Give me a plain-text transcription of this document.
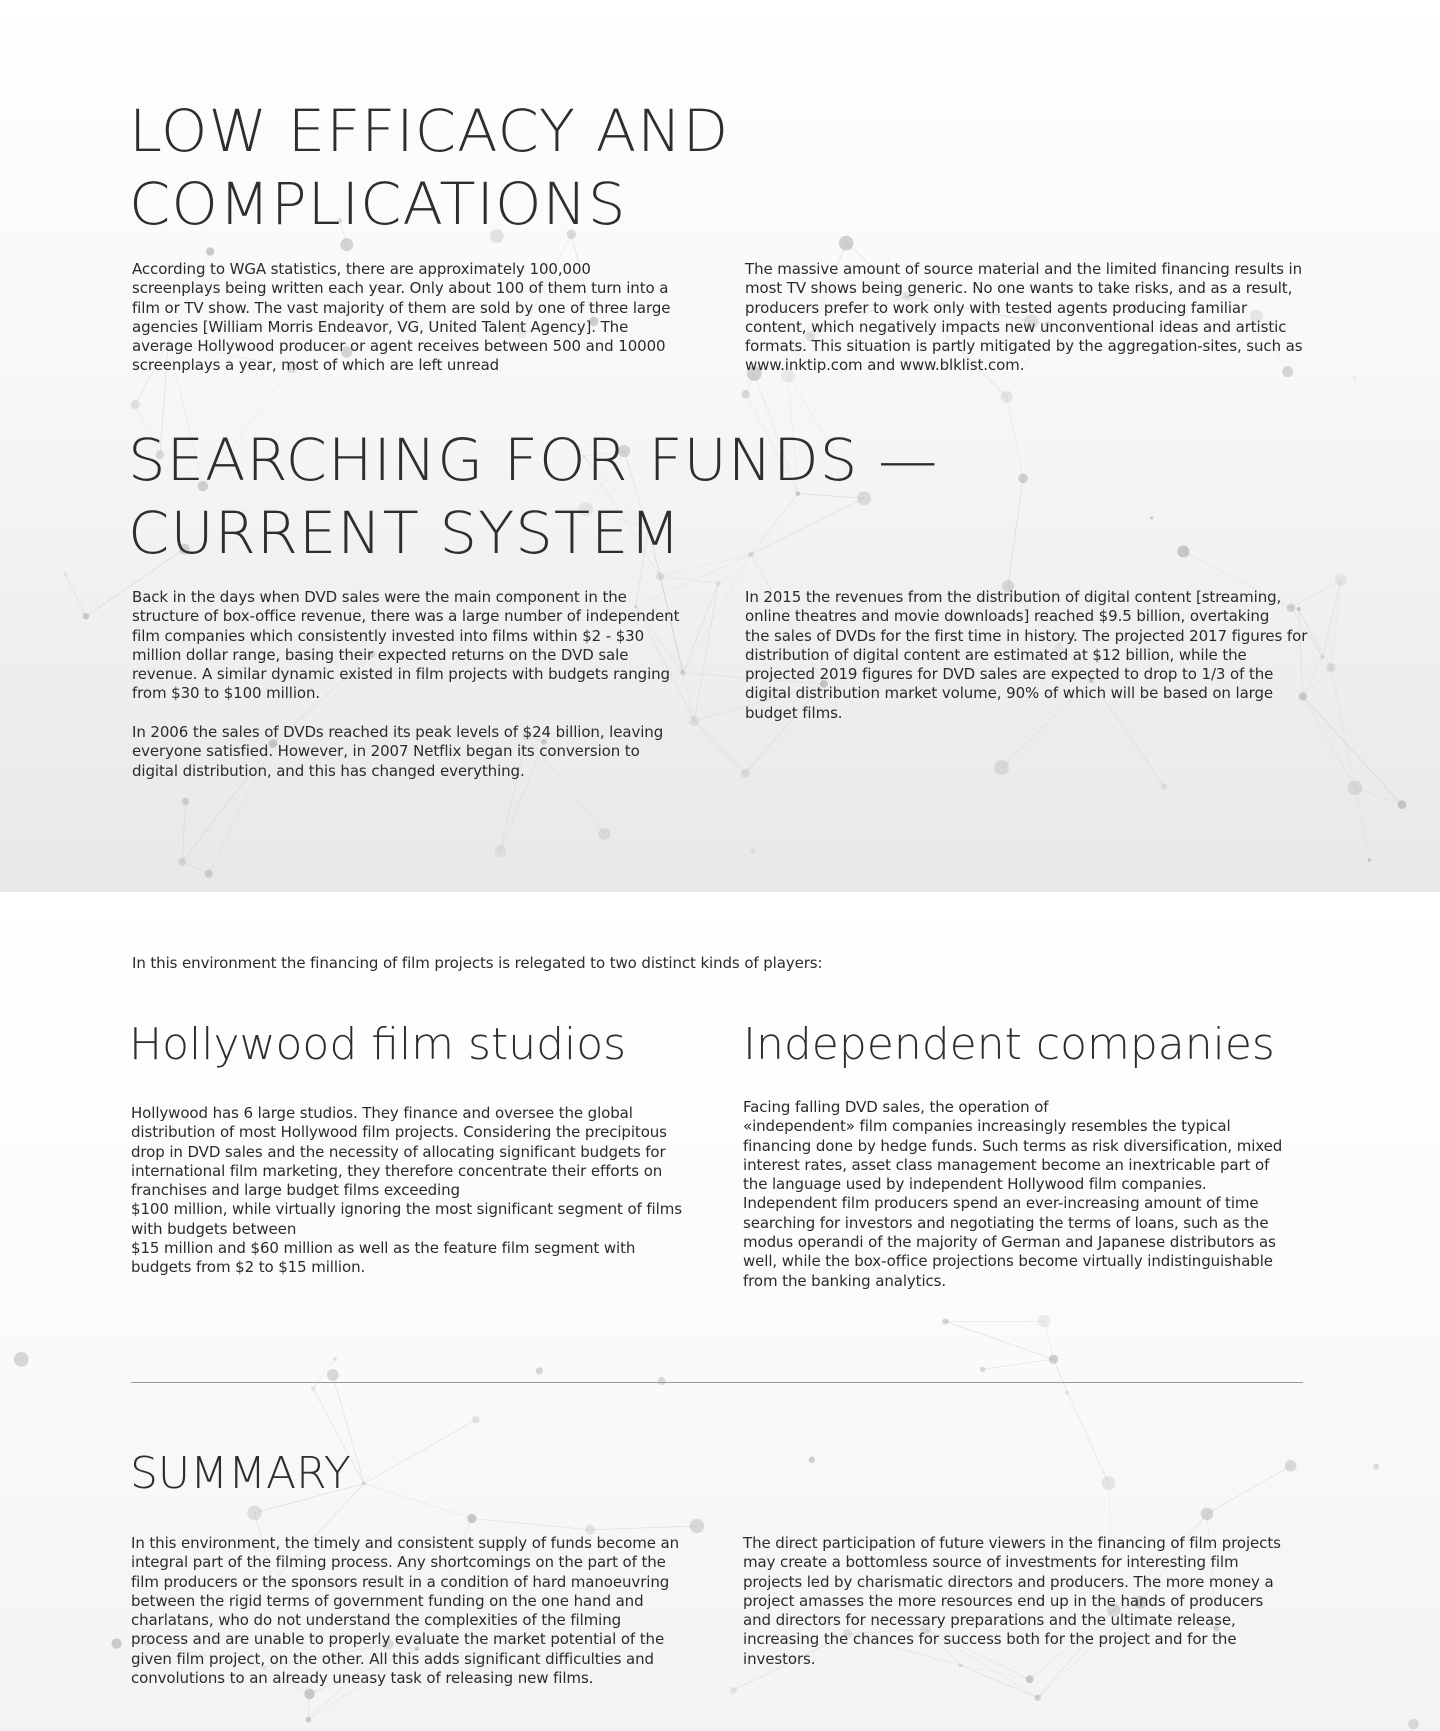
LOW EFFICACY AND
COMPLICATIONS

According to WGA statistics, there are approximately 100,000
screenplays being written each year. Only about 100 of them turn into a
film or TV show. The vast majority of them are sold by one of three large
agencies [William Morris Endeavor, VG, United Talent Agency]. The
average Hollywood producer or agent receives between 500 and 10000
screenplays a year, most of which are left unread

The massive amount of source material and the limited financing results in
most TV shows being generic. No one wants to take risks, and as a result,
producers prefer to work only with tested agents producing familiar
content, which negatively impacts new unconventional ideas and artistic
formats. This situation is partly mitigated by the aggregation-sites, such as
www.inktip.com and www.blklist.com.

SEARCHING FOR FUNDS —
CURRENT SYSTEM

Back in the days when DVD sales were the main component in the
structure of box-office revenue, there was a large number of independent
film companies which consistently invested into films within $2 - $30
million dollar range, basing their expected returns on the DVD sale
revenue. A similar dynamic existed in film projects with budgets ranging
from $30 to $100 million.

In 2006 the sales of DVDs reached its peak levels of $24 billion, leaving
everyone satisfied. However, in 2007 Netflix began its conversion to
digital distribution, and this has changed everything.

In 2015 the revenues from the distribution of digital content [streaming,
online theatres and movie downloads] reached $9.5 billion, overtaking
the sales of DVDs for the first time in history. The projected 2017 figures for
distribution of digital content are estimated at $12 billion, while the
projected 2019 figures for DVD sales are expected to drop to 1/3 of the
digital distribution market volume, 90% of which will be based on large
budget films.

In this environment the financing of film projects is relegated to two distinct kinds of players:

Hollywood film studios

Hollywood has 6 large studios. They finance and oversee the global
distribution of most Hollywood film projects. Considering the precipitous
drop in DVD sales and the necessity of allocating significant budgets for
international film marketing, they therefore concentrate their efforts on
franchises and large budget films exceeding
$100 million, while virtually ignoring the most significant segment of films
with budgets between
$15 million and $60 million as well as the feature film segment with
budgets from $2 to $15 million.

Independent companies

Facing falling DVD sales, the operation of
«independent» film companies increasingly resembles the typical
financing done by hedge funds. Such terms as risk diversification, mixed
interest rates, asset class management become an inextricable part of
the language used by independent Hollywood film companies.
Independent film producers spend an ever-increasing amount of time
searching for investors and negotiating the terms of loans, such as the
modus operandi of the majority of German and Japanese distributors as
well, while the box-office projections become virtually indistinguishable
from the banking analytics.

SUMMARY

In this environment, the timely and consistent supply of funds become an
integral part of the filming process. Any shortcomings on the part of the
film producers or the sponsors result in a condition of hard manoeuvring
between the rigid terms of government funding on the one hand and
charlatans, who do not understand the complexities of the filming
process and are unable to properly evaluate the market potential of the
given film project, on the other. All this adds significant difficulties and
convolutions to an already uneasy task of releasing new films.

The direct participation of future viewers in the financing of film projects
may create a bottomless source of investments for interesting film
projects led by charismatic directors and producers. The more money a
project amasses the more resources end up in the hands of producers
and directors for necessary preparations and the ultimate release,
increasing the chances for success both for the project and for the
investors.
